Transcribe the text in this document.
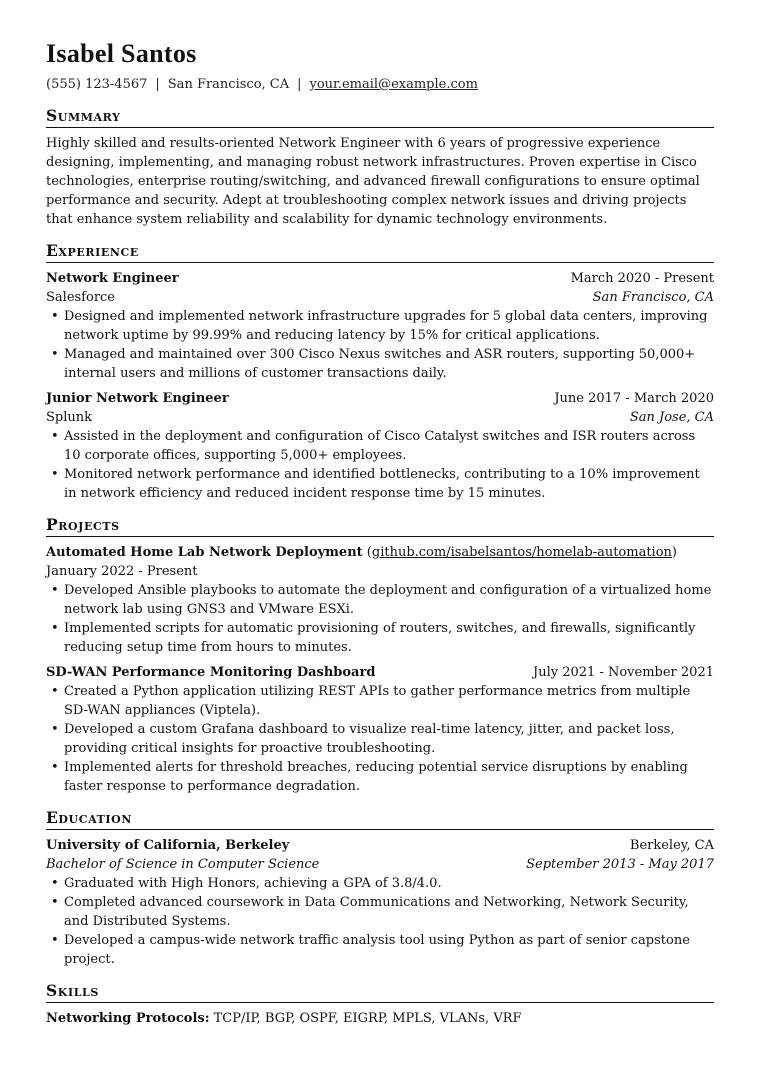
Isabel Santos
(555) 123-4567 | San Francisco, CA | your.email@example.com
Summary

Highly skilled and results-oriented Network Engineer with 6 years of progressive experience designing, implementing, and managing robust network infrastructures. Proven expertise in Cisco technologies, enterprise routing/switching, and advanced firewall configurations to ensure optimal performance and security. Adept at troubleshooting complex network issues and driving projects that enhance system reliability and scalability for dynamic technology environments.

Experience
Network Engineer	March 2020 - Present
Salesforce	San Francisco, CA
• Designed and implemented network infrastructure upgrades for 5 global data centers, improving network uptime by 99.99% and reducing latency by 15% for critical applications.
• Managed and maintained over 300 Cisco Nexus switches and ASR routers, supporting 50,000+ internal users and millions of customer transactions daily.
Junior Network Engineer	June 2017 - March 2020
Splunk	San Jose, CA
• Assisted in the deployment and configuration of Cisco Catalyst switches and ISR routers across 10 corporate offices, supporting 5,000+ employees.
• Monitored network performance and identified bottlenecks, contributing to a 10% improvement in network efficiency and reduced incident response time by 15 minutes.
Projects
Automated Home Lab Network Deployment (github.com/isabelsantos/homelab-automation) January 2022 - Present
• Developed Ansible playbooks to automate the deployment and configuration of a virtualized home network lab using GNS3 and VMware ESXi.
• Implemented scripts for automatic provisioning of routers, switches, and firewalls, significantly reducing setup time from hours to minutes.
SD-WAN Performance Monitoring Dashboard	July 2021 - November 2021
• Created a Python application utilizing REST APIs to gather performance metrics from multiple SD-WAN appliances (Viptela).
• Developed a custom Grafana dashboard to visualize real-time latency, jitter, and packet loss, providing critical insights for proactive troubleshooting.
• Implemented alerts for threshold breaches, reducing potential service disruptions by enabling faster response to performance degradation.
Education
University of California, Berkeley	Berkeley, CA
Bachelor of Science in Computer Science	September 2013 - May 2017
• Graduated with High Honors, achieving a GPA of 3.8/4.0.
• Completed advanced coursework in Data Communications and Networking, Network Security, and Distributed Systems.
• Developed a campus-wide network traffic analysis tool using Python as part of senior capstone project.
Skills
Networking Protocols: TCP/IP, BGP, OSPF, EIGRP, MPLS, VLANs, VRF
